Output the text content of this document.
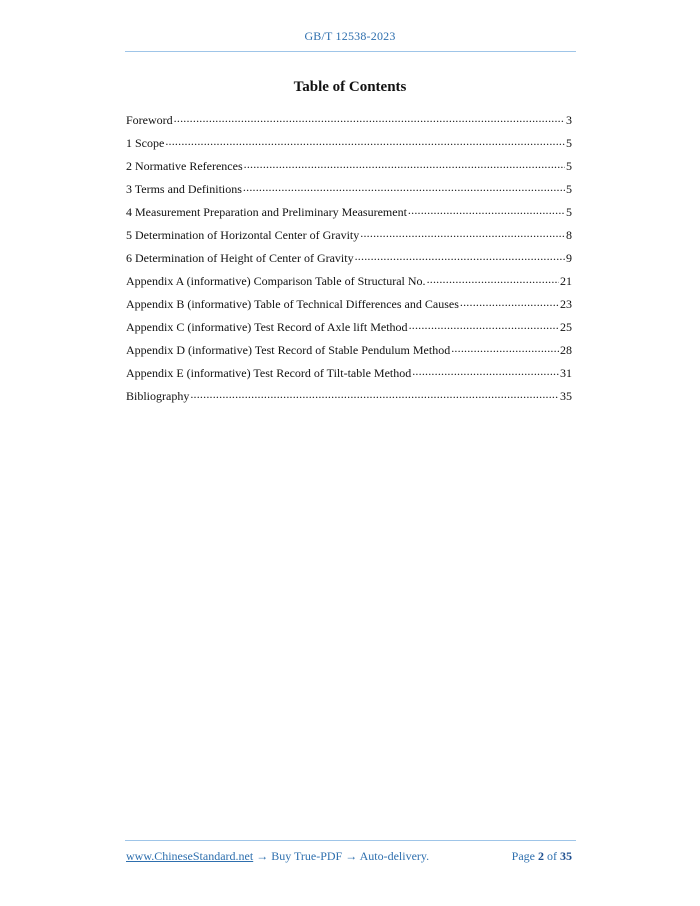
GB/T 12538-2023
Table of Contents
Foreword .....	3
1 Scope .....	5
2 Normative References .....	5
3 Terms and Definitions .....	5
4 Measurement Preparation and Preliminary Measurement .....	5
5 Determination of Horizontal Center of Gravity .....	8
6 Determination of Height of Center of Gravity .....	9
Appendix A (informative) Comparison Table of Structural No. .....	21
Appendix B (informative) Table of Technical Differences and Causes .....	23
Appendix C (informative) Test Record of Axle lift Method .....	25
Appendix D (informative) Test Record of Stable Pendulum Method .....	28
Appendix E (informative) Test Record of Tilt-table Method .....	31
Bibliography .....	35
www.ChineseStandard.net → Buy True-PDF → Auto-delivery.	Page 2 of 35
